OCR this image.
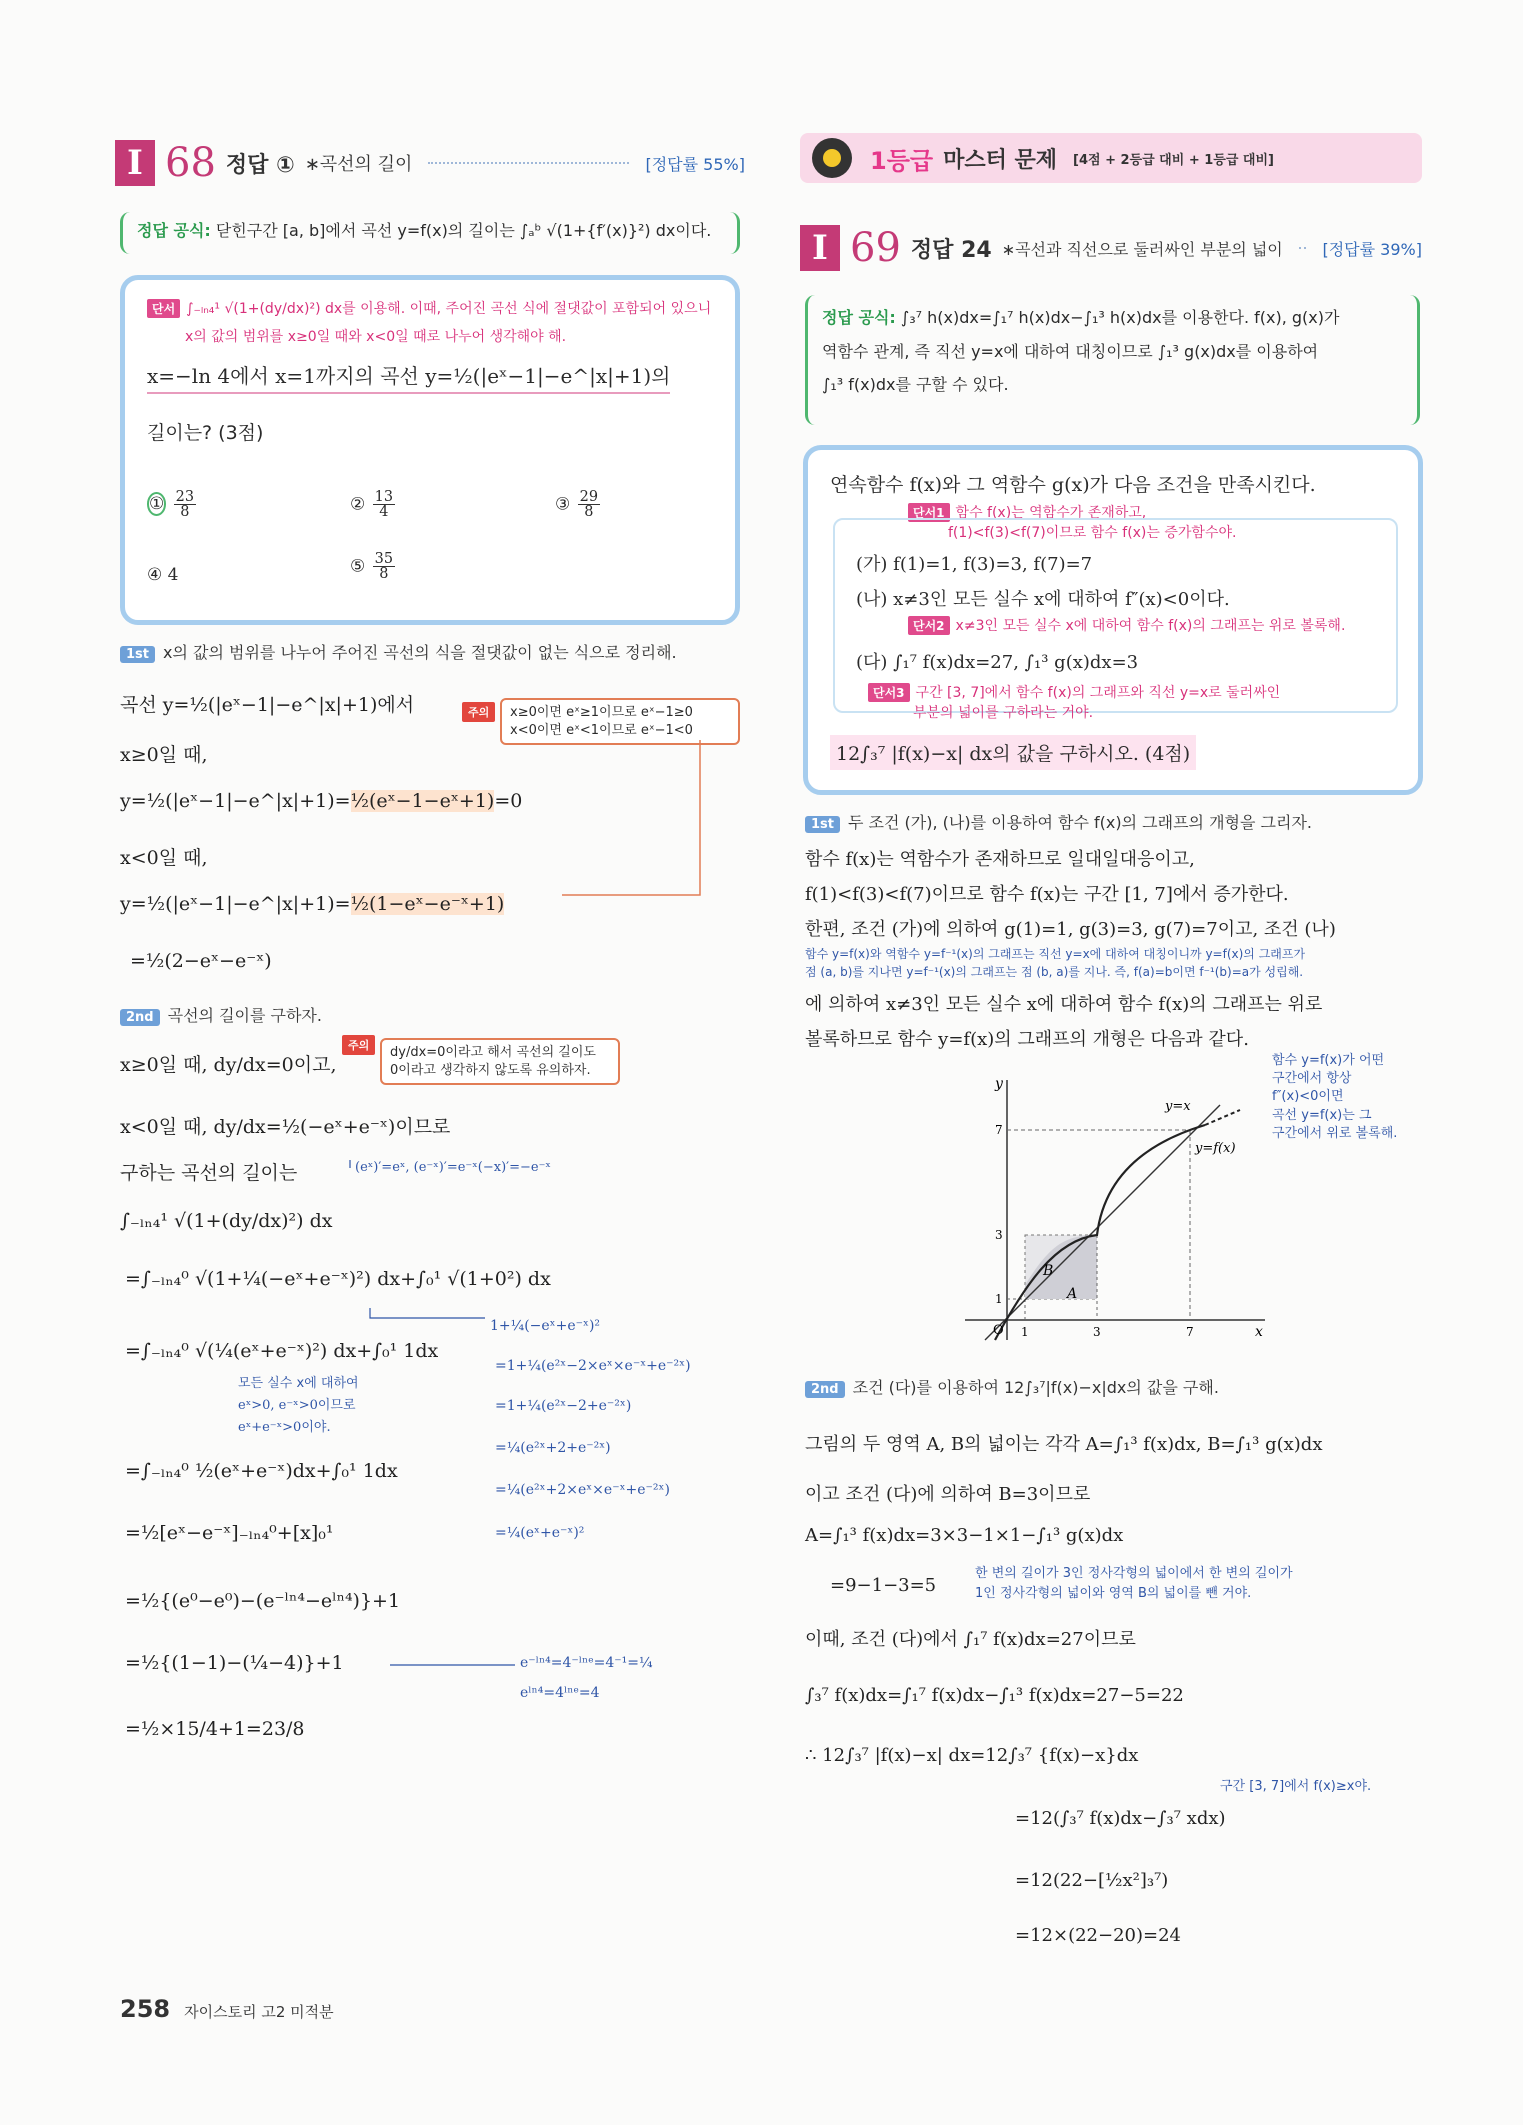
I 68 정답 ① ∗곡선의 길이	[정답률 55%]
정답 공식: 닫힌구간 [a, b]에서 곡선 y=f(x)의 길이는 ∫ₐᵇ √(1+{f′(x)}²) dx이다.
단서 ∫₋ₗₙ₄¹ √(1+(dy/dx)²) dx를 이용해. 이때, 주어진 곡선 식에 절댓값이 포함되어 있으니
x의 값의 범위를 x≥0일 때와 x<0일 때로 나누어 생각해야 해.
x=−ln 4에서 x=1까지의 곡선 y=½(|eˣ−1|−e^|x|+1)의
길이는? (3점)
① $\frac{23}{8}$	② $\frac{13}{4}$	③ $\frac{29}{8}$
④ 4	⑤ $\frac{35}{8}$
1st x의 값의 범위를 나누어 주어진 곡선의 식을 절댓값이 없는 식으로 정리해.
곡선 y=½(|eˣ−1|−e^|x|+1)에서	주의	x≥0이면 eˣ≥1이므로 eˣ−1≥0
x<0이면 eˣ<1이므로 eˣ−1<0
x≥0일 때,
y=½(|eˣ−1|−e^|x|+1)=½(eˣ−1−eˣ+1)=0
x<0일 때,
y=½(|eˣ−1|−e^|x|+1)=½(1−eˣ−e⁻ˣ+1)
=½(2−eˣ−e⁻ˣ)
2nd 곡선의 길이를 구하자.
x≥0일 때, dy/dx=0이고,
주의	dy/dx=0이라고 해서 곡선의 길이도
0이라고 생각하지 않도록 유의하자.
x<0일 때, dy/dx=½(−eˣ+e⁻ˣ)이므로
구하는 곡선의 길이는	(eˣ)′=eˣ, (e⁻ˣ)′=e⁻ˣ(−x)′=−e⁻ˣ
∫₋ₗₙ₄¹ √(1+(dy/dx)²) dx
=∫₋ₗₙ₄⁰ √(1+¼(−eˣ+e⁻ˣ)²) dx+∫₀¹ √(1+0²) dx
=∫₋ₗₙ₄⁰ √(¼(eˣ+e⁻ˣ)²) dx+∫₀¹ 1dx
1+¼(−eˣ+e⁻ˣ)²
=1+¼(e²ˣ−2×eˣ×e⁻ˣ+e⁻²ˣ)
=1+¼(e²ˣ−2+e⁻²ˣ)
=¼(e²ˣ+2+e⁻²ˣ)
=¼(e²ˣ+2×eˣ×e⁻ˣ+e⁻²ˣ)
=¼(eˣ+e⁻ˣ)²
모든 실수 x에 대하여
eˣ>0, e⁻ˣ>0이므로
eˣ+e⁻ˣ>0이야.
=∫₋ₗₙ₄⁰ ½(eˣ+e⁻ˣ)dx+∫₀¹ 1dx
=½[eˣ−e⁻ˣ]₋ₗₙ₄⁰+[x]₀¹
=½{(e⁰−e⁰)−(e⁻ˡⁿ⁴−eˡⁿ⁴)}+1
=½{(1−1)−(¼−4)}+1	e⁻ˡⁿ⁴=4⁻ˡⁿᵉ=4⁻¹=¼
eˡⁿ⁴=4ˡⁿᵉ=4
=½×15/4+1=23/8
1등급 마스터 문제 [4점 + 2등급 대비 + 1등급 대비]
I 69 정답 24 ∗곡선과 직선으로 둘러싸인 부분의 넓이 [정답률 39%]
정답 공식: ∫₃⁷ h(x)dx=∫₁⁷ h(x)dx−∫₁³ h(x)dx를 이용한다. f(x), g(x)가
역함수 관계, 즉 직선 y=x에 대하여 대칭이므로 ∫₁³ g(x)dx를 이용하여
∫₁³ f(x)dx를 구할 수 있다.
연속함수 f(x)와 그 역함수 g(x)가 다음 조건을 만족시킨다.
단서1 함수 f(x)는 역함수가 존재하고,
f(1)<f(3)<f(7)이므로 함수 f(x)는 증가함수야.
(가) f(1)=1, f(3)=3, f(7)=7
(나) x≠3인 모든 실수 x에 대하여 f″(x)<0이다.
단서2 x≠3인 모든 실수 x에 대하여 함수 f(x)의 그래프는 위로 볼록해.
(다) ∫₁⁷ f(x)dx=27, ∫₁³ g(x)dx=3
단서3 구간 [3, 7]에서 함수 f(x)의 그래프와 직선 y=x로 둘러싸인
부분의 넓이를 구하라는 거야.
12∫₃⁷ |f(x)−x| dx의 값을 구하시오. (4점)
1st 두 조건 (가), (나)를 이용하여 함수 f(x)의 그래프의 개형을 그리자.
함수 f(x)는 역함수가 존재하므로 일대일대응이고,
f(1)<f(3)<f(7)이므로 함수 f(x)는 구간 [1, 7]에서 증가한다.
한편, 조건 (가)에 의하여 g(1)=1, g(3)=3, g(7)=7이고, 조건 (나)
함수 y=f(x)와 역함수 y=f⁻¹(x)의 그래프는 직선 y=x에 대하여 대칭이니까 y=f(x)의 그래프가
점 (a, b)를 지나면 y=f⁻¹(x)의 그래프는 점 (b, a)를 지나. 즉, f(a)=b이면 f⁻¹(b)=a가 성립해.
에 의하여 x≠3인 모든 실수 x에 대하여 함수 f(x)의 그래프는 위로
볼록하므로 함수 y=f(x)의 그래프의 개형은 다음과 같다.
함수 y=f(x)가 어떤
구간에서 항상
f″(x)<0이면
곡선 y=f(x)는 그
구간에서 위로 볼록해.
y
x
O
y=x
y=f(x)
B
A
1	3	7
1
3
7
2nd 조건 (다)를 이용하여 12∫₃⁷|f(x)−x|dx의 값을 구해.
그림의 두 영역 A, B의 넓이는 각각 A=∫₁³ f(x)dx, B=∫₁³ g(x)dx
이고 조건 (다)에 의하여 B=3이므로
A=∫₁³ f(x)dx=3×3−1×1−∫₁³ g(x)dx
한 변의 길이가 3인 정사각형의 넓이에서 한 변의 길이가
1인 정사각형의 넓이와 영역 B의 넓이를 뺀 거야.
=9−1−3=5
이때, 조건 (다)에서 ∫₁⁷ f(x)dx=27이므로
∫₃⁷ f(x)dx=∫₁⁷ f(x)dx−∫₁³ f(x)dx=27−5=22
∴ 12∫₃⁷ |f(x)−x| dx=12∫₃⁷ {f(x)−x}dx
구간 [3, 7]에서 f(x)≥x야.
=12(∫₃⁷ f(x)dx−∫₃⁷ xdx)
=12(22−[½x²]₃⁷)
=12×(22−20)=24
258 자이스토리 고2 미적분
